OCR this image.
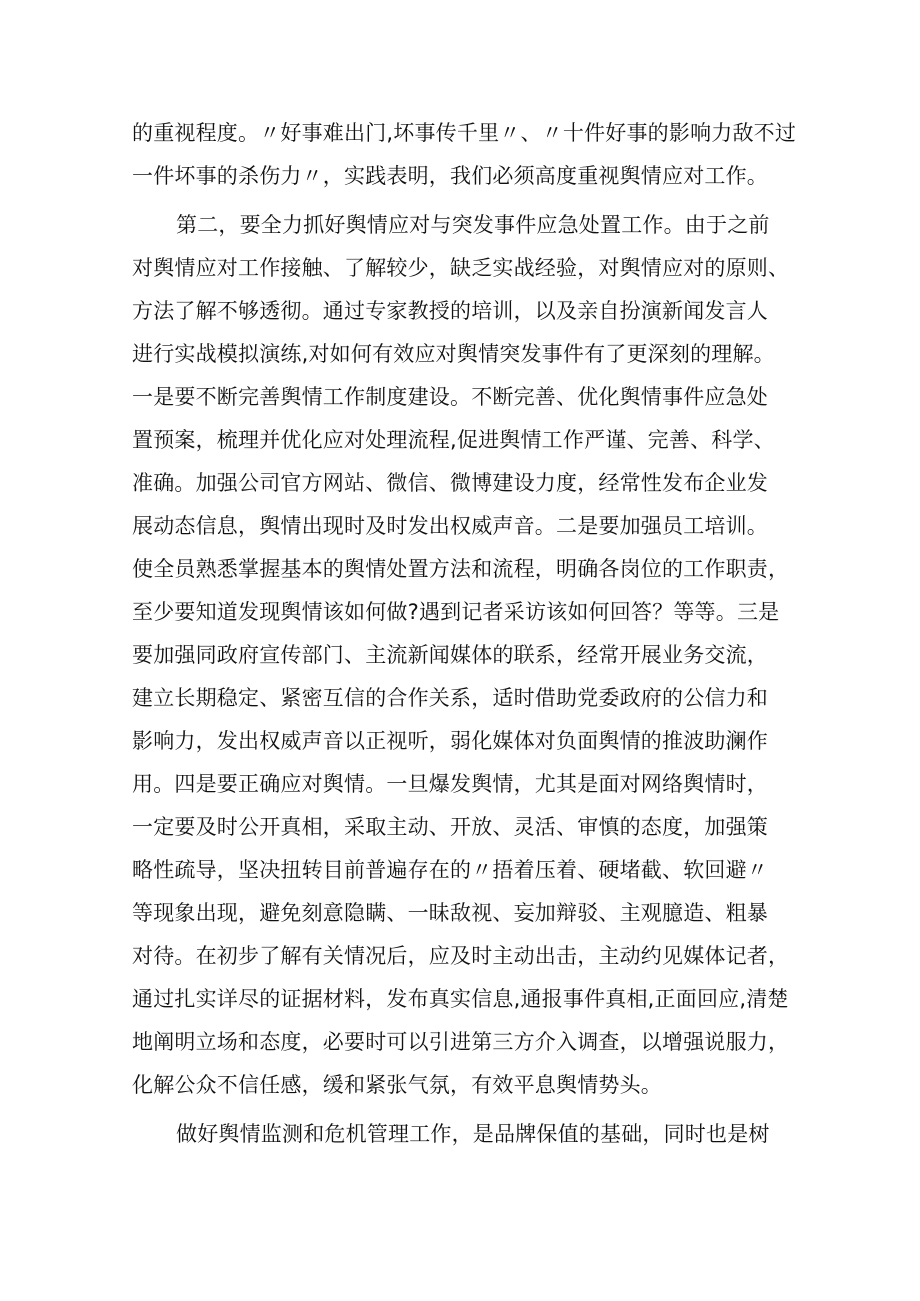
的重视程度。〃好事难出门,坏事传千里〃、〃十件好事的影响力敌不过
一件坏事的杀伤力〃，实践表明，我们必须高度重视舆情应对工作。
第二，要全力抓好舆情应对与突发事件应急处置工作。由于之前
对舆情应对工作接触、了解较少，缺乏实战经验，对舆情应对的原则、
方法了解不够透彻。通过专家教授的培训，以及亲自扮演新闻发言人
进行实战模拟演练,对如何有效应对舆情突发事件有了更深刻的理解。
一是要不断完善舆情工作制度建设。不断完善、优化舆情事件应急处
置预案，梳理并优化应对处理流程,促进舆情工作严谨、完善、科学、
准确。加强公司官方网站、微信、微博建设力度，经常性发布企业发
展动态信息，舆情出现时及时发出权威声音。二是要加强员工培训。
使全员熟悉掌握基本的舆情处置方法和流程，明确各岗位的工作职责，
至少要知道发现舆情该如何做?遇到记者采访该如何回答？等等。三是
要加强同政府宣传部门、主流新闻媒体的联系，经常开展业务交流，
建立长期稳定、紧密互信的合作关系，适时借助党委政府的公信力和
影响力，发出权威声音以正视听，弱化媒体对负面舆情的推波助澜作
用。四是要正确应对舆情。一旦爆发舆情，尤其是面对网络舆情时，
一定要及时公开真相，采取主动、开放、灵活、审慎的态度，加强策
略性疏导，坚决扭转目前普遍存在的〃捂着压着、硬堵截、软回避〃
等现象出现，避免刻意隐瞒、一昧敌视、妄加辩驳、主观臆造、粗暴
对待。在初步了解有关情况后，应及时主动出击，主动约见媒体记者，
通过扎实详尽的证据材料，发布真实信息,通报事件真相,正面回应,清楚
地阐明立场和态度，必要时可以引进第三方介入调查，以增强说服力，
化解公众不信任感，缓和紧张气氛，有效平息舆情势头。
做好舆情监测和危机管理工作，是品牌保值的基础，同时也是树
